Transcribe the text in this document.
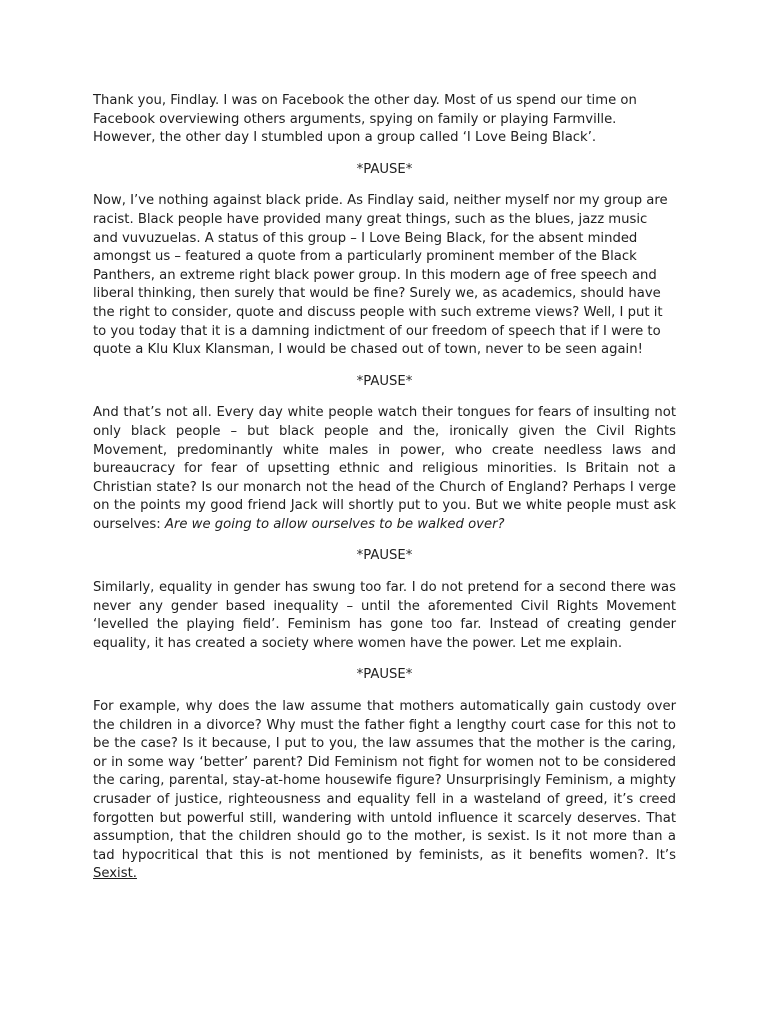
Thank you, Findlay. I was on Facebook the other day. Most of us spend our time on Facebook overviewing others arguments, spying on family or playing Farmville. However, the other day I stumbled upon a group called ‘I Love Being Black’.

*PAUSE*

Now, I’ve nothing against black pride. As Findlay said, neither myself nor my group are racist. Black people have provided many great things, such as the blues, jazz music and vuvuzuelas. A status of this group – I Love Being Black, for the absent minded amongst us – featured a quote from a particularly prominent member of the Black Panthers, an extreme right black power group. In this modern age of free speech and liberal thinking, then surely that would be fine? Surely we, as academics, should have the right to consider, quote and discuss people with such extreme views? Well, I put it to you today that it is a damning indictment of our freedom of speech that if I were to quote a Klu Klux Klansman, I would be chased out of town, never to be seen again!

*PAUSE*

And that’s not all. Every day white people watch their tongues for fears of insulting not only black people – but black people and the, ironically given the Civil Rights Movement, predominantly white males in power, who create needless laws and bureaucracy for fear of upsetting ethnic and religious minorities. Is Britain not a Christian state? Is our monarch not the head of the Church of England? Perhaps I verge on the points my good friend Jack will shortly put to you. But we white people must ask ourselves: Are we going to allow ourselves to be walked over?

*PAUSE*

Similarly, equality in gender has swung too far. I do not pretend for a second there was never any gender based inequality – until the aforemented Civil Rights Movement ‘levelled the playing field’. Feminism has gone too far. Instead of creating gender equality, it has created a society where women have the power. Let me explain.

*PAUSE*

For example, why does the law assume that mothers automatically gain custody over the children in a divorce? Why must the father fight a lengthy court case for this not to be the case? Is it because, I put to you, the law assumes that the mother is the caring, or in some way ‘better’ parent? Did Feminism not fight for women not to be considered the caring, parental, stay-at-home housewife figure? Unsurprisingly Feminism, a mighty crusader of justice, righteousness and equality fell in a wasteland of greed, it’s creed forgotten but powerful still, wandering with untold influence it scarcely deserves. That assumption, that the children should go to the mother, is sexist. Is it not more than a tad hypocritical that this is not mentioned by feminists, as it benefits women?. It’s Sexist.
